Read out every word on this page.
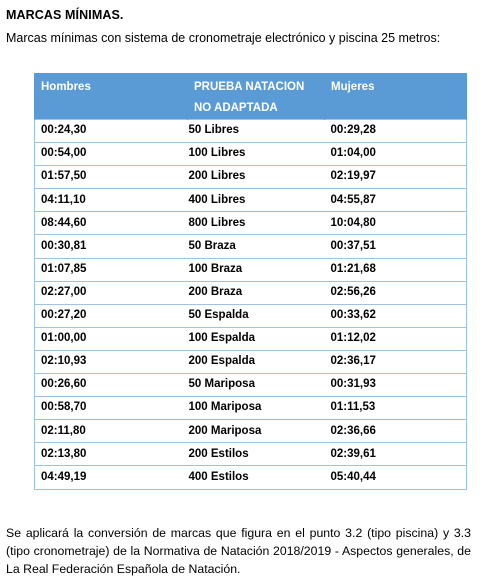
MARCAS MÍNIMAS.
Marcas mínimas con sistema de cronometraje electrónico y piscina 25 metros:
Hombres	PRUEBA NATACION NO ADAPTADA	Mujeres
00:24,30	50 Libres	00:29,28
00:54,00	100 Libres	01:04,00
01:57,50	200 Libres	02:19,97
04:11,10	400 Libres	04:55,87
08:44,60	800 Libres	10:04,80
00:30,81	50 Braza	00:37,51
01:07,85	100 Braza	01:21,68
02:27,00	200 Braza	02:56,26
00:27,20	50 Espalda	00:33,62
01:00,00	100 Espalda	01:12,02
02:10,93	200 Espalda	02:36,17
00:26,60	50 Mariposa	00:31,93
00:58,70	100 Mariposa	01:11,53
02:11,80	200 Mariposa	02:36,66
02:13,80	200 Estilos	02:39,61
04:49,19	400 Estilos	05:40,44
Se aplicará la conversión de marcas que figura en el punto 3.2 (tipo piscina) y 3.3 (tipo cronometraje) de la Normativa de Natación 2018/2019 - Aspectos generales, de La Real Federación Española de Natación.
